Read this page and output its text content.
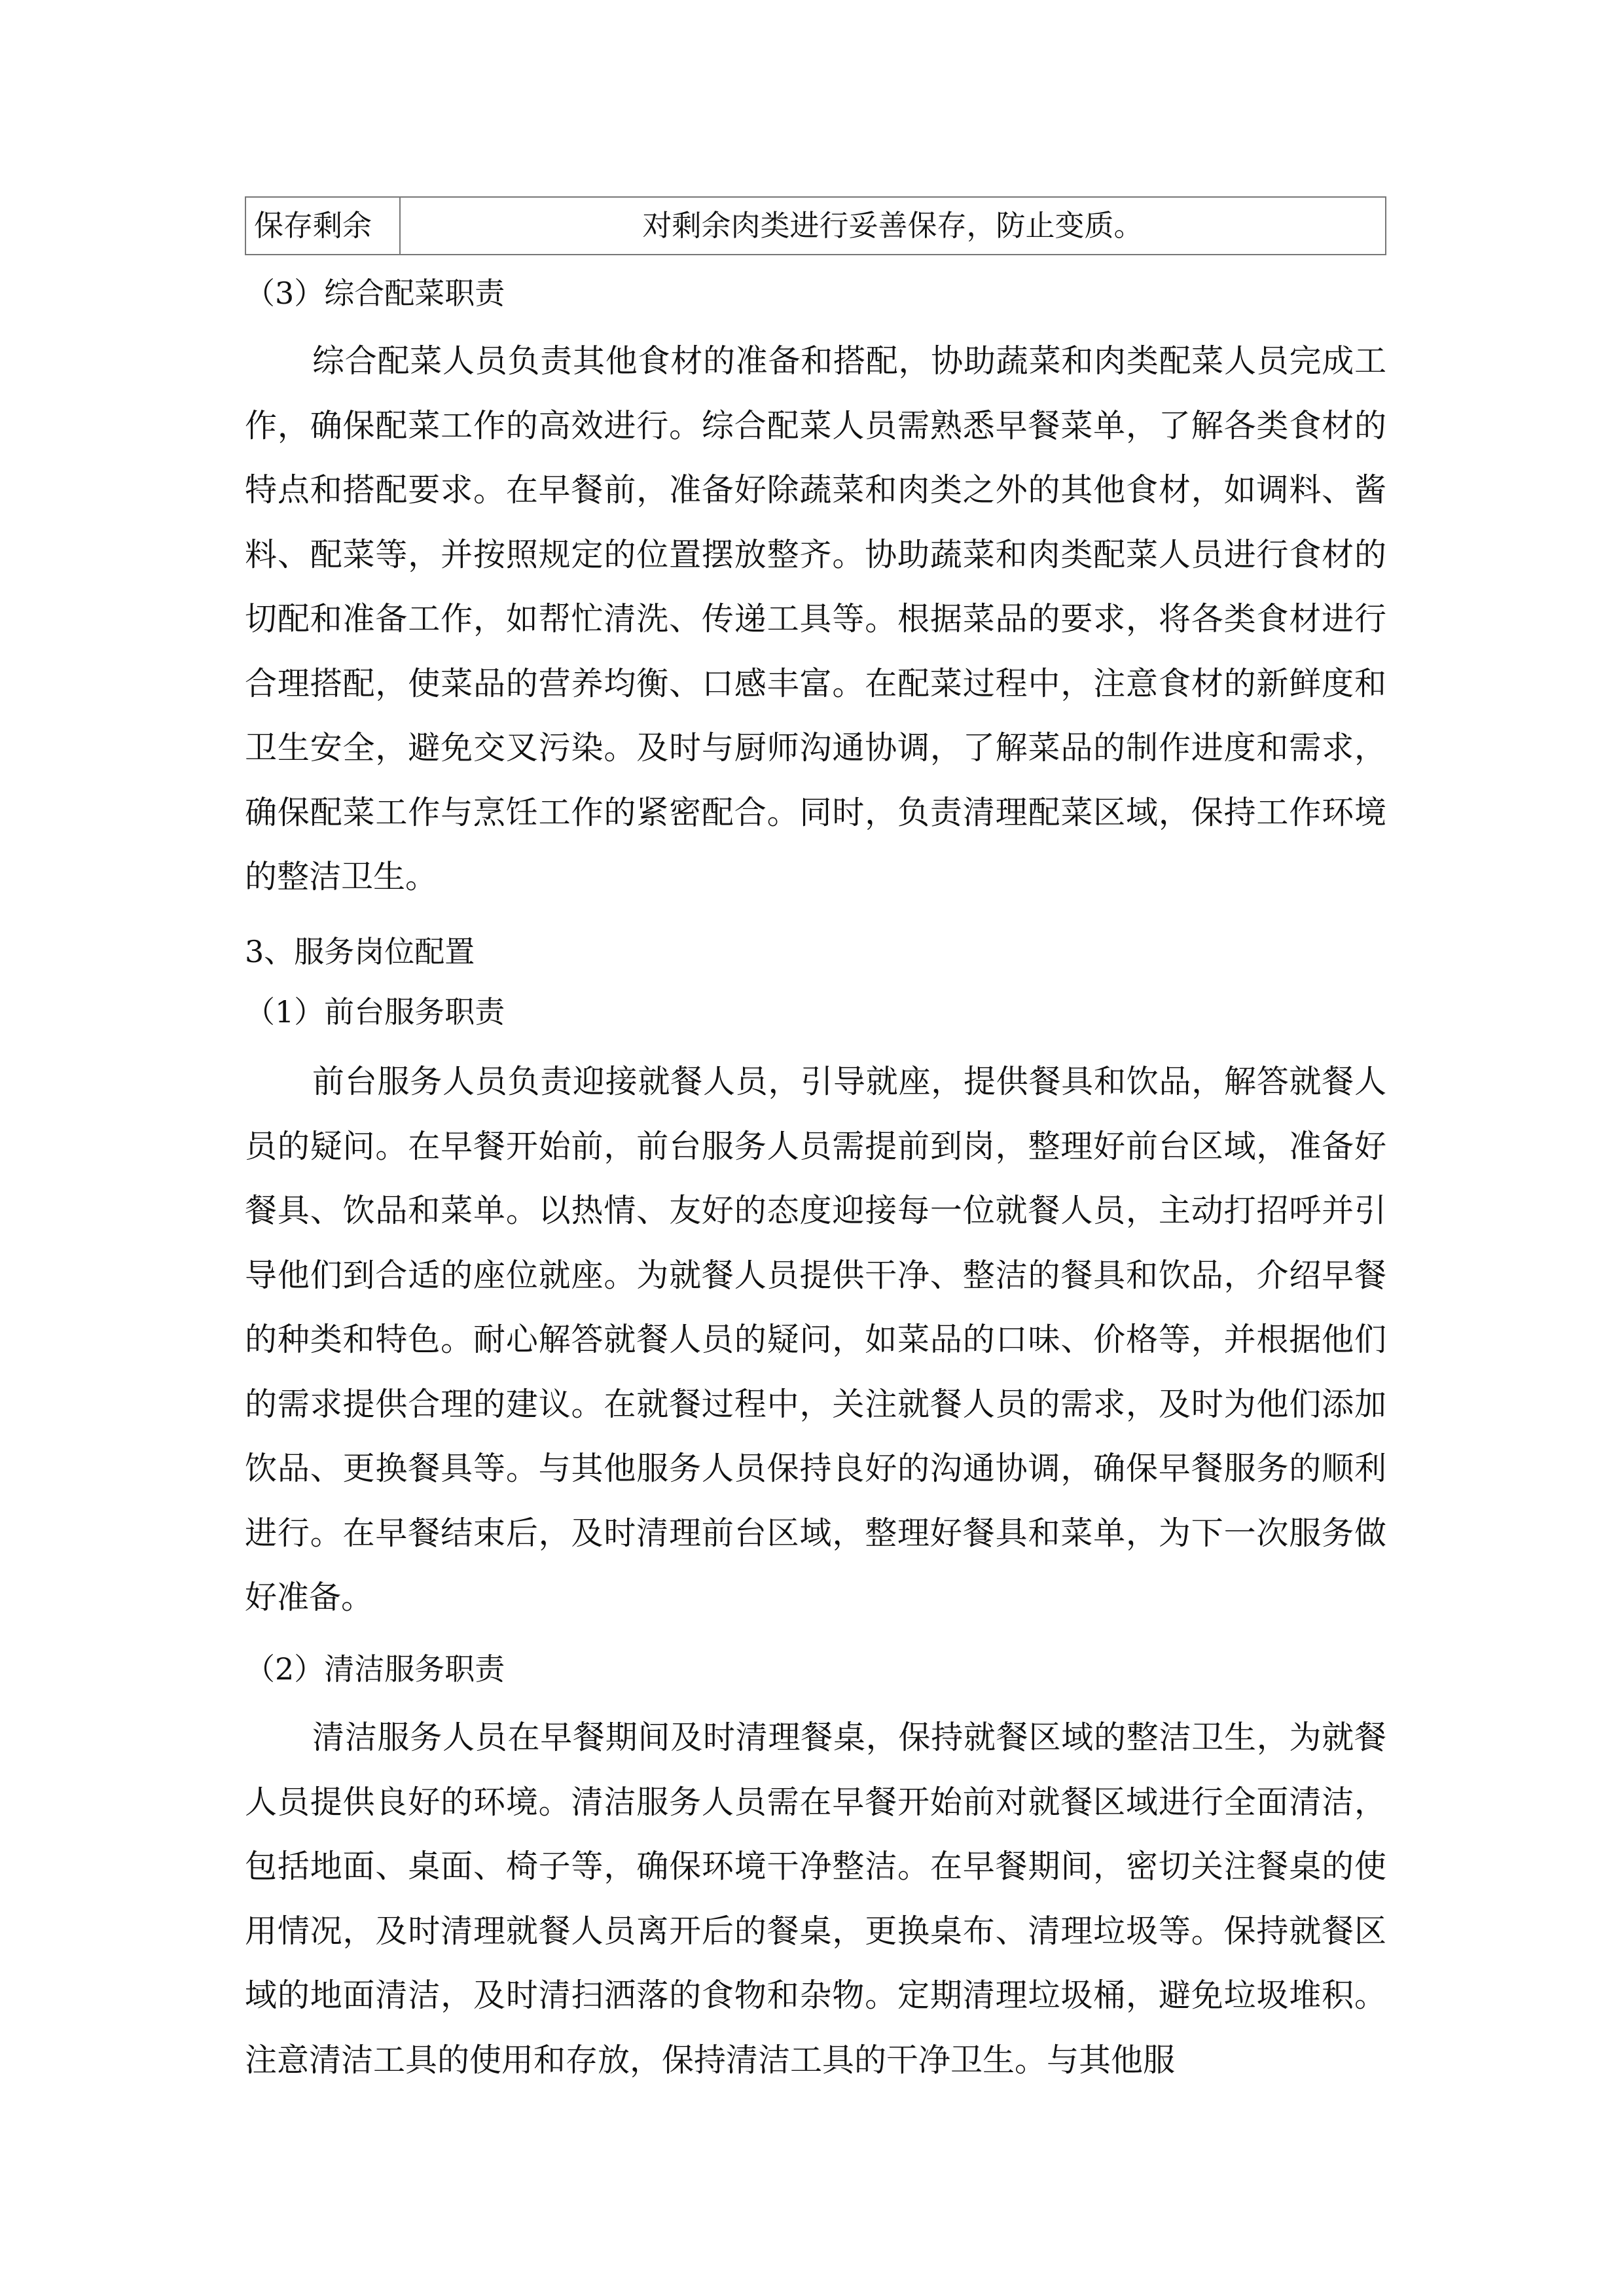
保存剩余	对剩余肉类进行妥善保存，防止变质。
（3）综合配菜职责

综合配菜人员负责其他食材的准备和搭配，协助蔬菜和肉类配菜人员完成工作，确保配菜工作的高效进行。综合配菜人员需熟悉早餐菜单，了解各类食材的特点和搭配要求。在早餐前，准备好除蔬菜和肉类之外的其他食材，如调料、酱料、配菜等，并按照规定的位置摆放整齐。协助蔬菜和肉类配菜人员进行食材的切配和准备工作，如帮忙清洗、传递工具等。根据菜品的要求，将各类食材进行合理搭配，使菜品的营养均衡、口感丰富。在配菜过程中，注意食材的新鲜度和卫生安全，避免交叉污染。及时与厨师沟通协调，了解菜品的制作进度和需求，确保配菜工作与烹饪工作的紧密配合。同时，负责清理配菜区域，保持工作环境的整洁卫生。

3、服务岗位配置
（1）前台服务职责

前台服务人员负责迎接就餐人员，引导就座，提供餐具和饮品，解答就餐人员的疑问。在早餐开始前，前台服务人员需提前到岗，整理好前台区域，准备好餐具、饮品和菜单。以热情、友好的态度迎接每一位就餐人员，主动打招呼并引导他们到合适的座位就座。为就餐人员提供干净、整洁的餐具和饮品，介绍早餐的种类和特色。耐心解答就餐人员的疑问，如菜品的口味、价格等，并根据他们的需求提供合理的建议。在就餐过程中，关注就餐人员的需求，及时为他们添加饮品、更换餐具等。与其他服务人员保持良好的沟通协调，确保早餐服务的顺利进行。在早餐结束后，及时清理前台区域，整理好餐具和菜单，为下一次服务做好准备。

（2）清洁服务职责

清洁服务人员在早餐期间及时清理餐桌，保持就餐区域的整洁卫生，为就餐人员提供良好的环境。清洁服务人员需在早餐开始前对就餐区域进行全面清洁，包括地面、桌面、椅子等，确保环境干净整洁。在早餐期间，密切关注餐桌的使用情况，及时清理就餐人员离开后的餐桌，更换桌布、清理垃圾等。保持就餐区域的地面清洁，及时清扫洒落的食物和杂物。定期清理垃圾桶，避免垃圾堆积。注意清洁工具的使用和存放，保持清洁工具的干净卫生。与其他服
